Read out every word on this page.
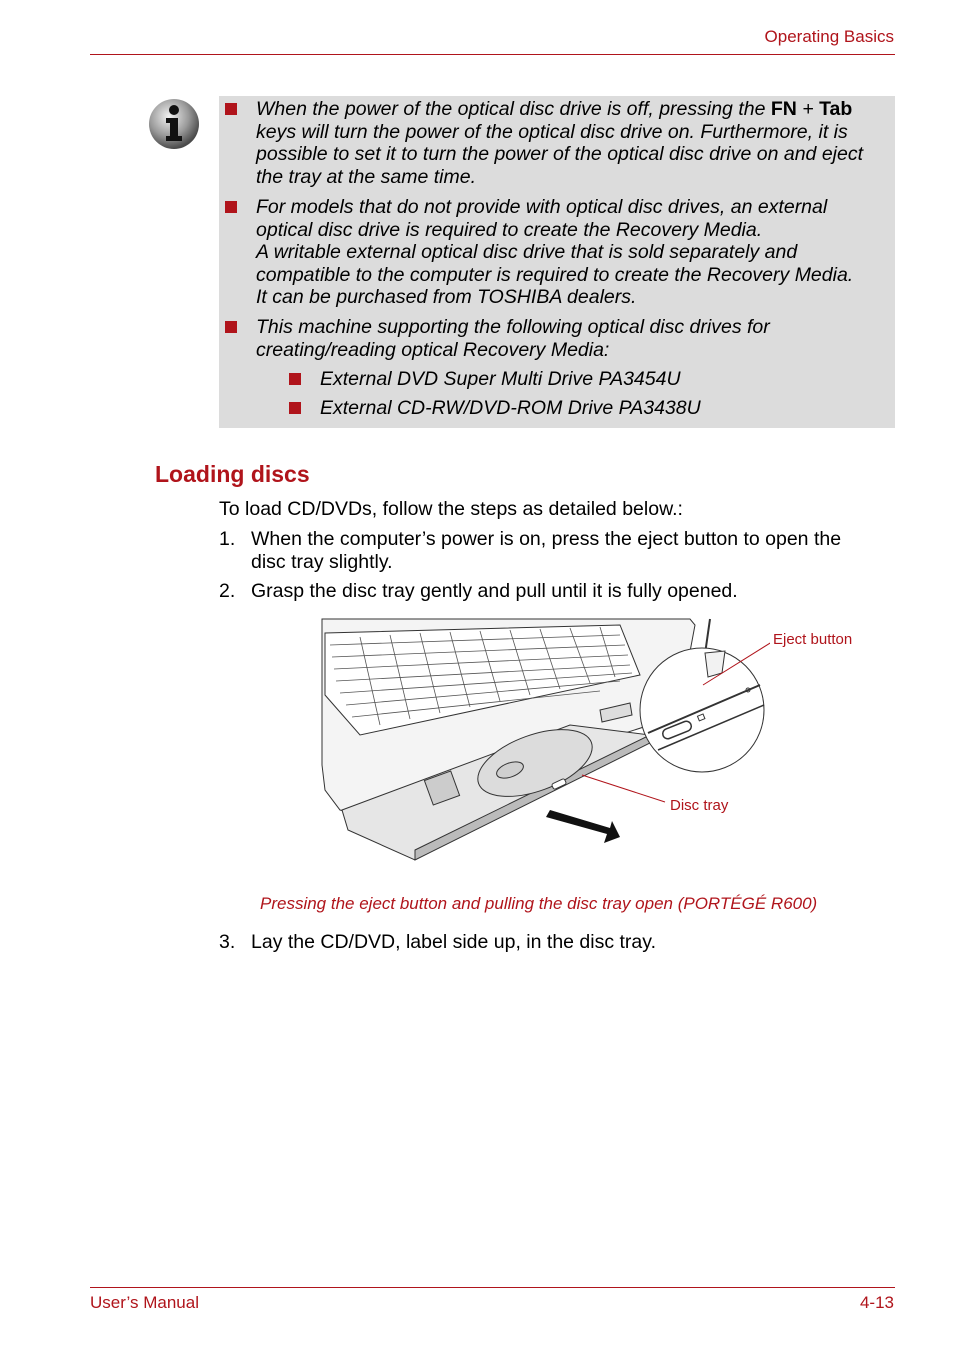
Operating Basics
When the power of the optical disc drive is off, pressing the FN + Tab
keys will turn the power of the optical disc drive on. Furthermore, it is
possible to set it to turn the power of the optical disc drive on and eject
the tray at the same time.
For models that do not provide with optical disc drives, an external
optical disc drive is required to create the Recovery Media.
A writable external optical disc drive that is sold separately and
compatible to the computer is required to create the Recovery Media.
It can be purchased from TOSHIBA dealers.
This machine supporting the following optical disc drives for
creating/reading optical Recovery Media:
External DVD Super Multi Drive PA3454U
External CD-RW/DVD-ROM Drive PA3438U
Loading discs
To load CD/DVDs, follow the steps as detailed below.:
1. When the computer’s power is on, press the eject button to open the
disc tray slightly.
2. Grasp the disc tray gently and pull until it is fully opened.
Eject button
Disc tray
Pressing the eject button and pulling the disc tray open (PORTÉGÉ R600)
3. Lay the CD/DVD, label side up, in the disc tray.
User’s Manual	4-13
